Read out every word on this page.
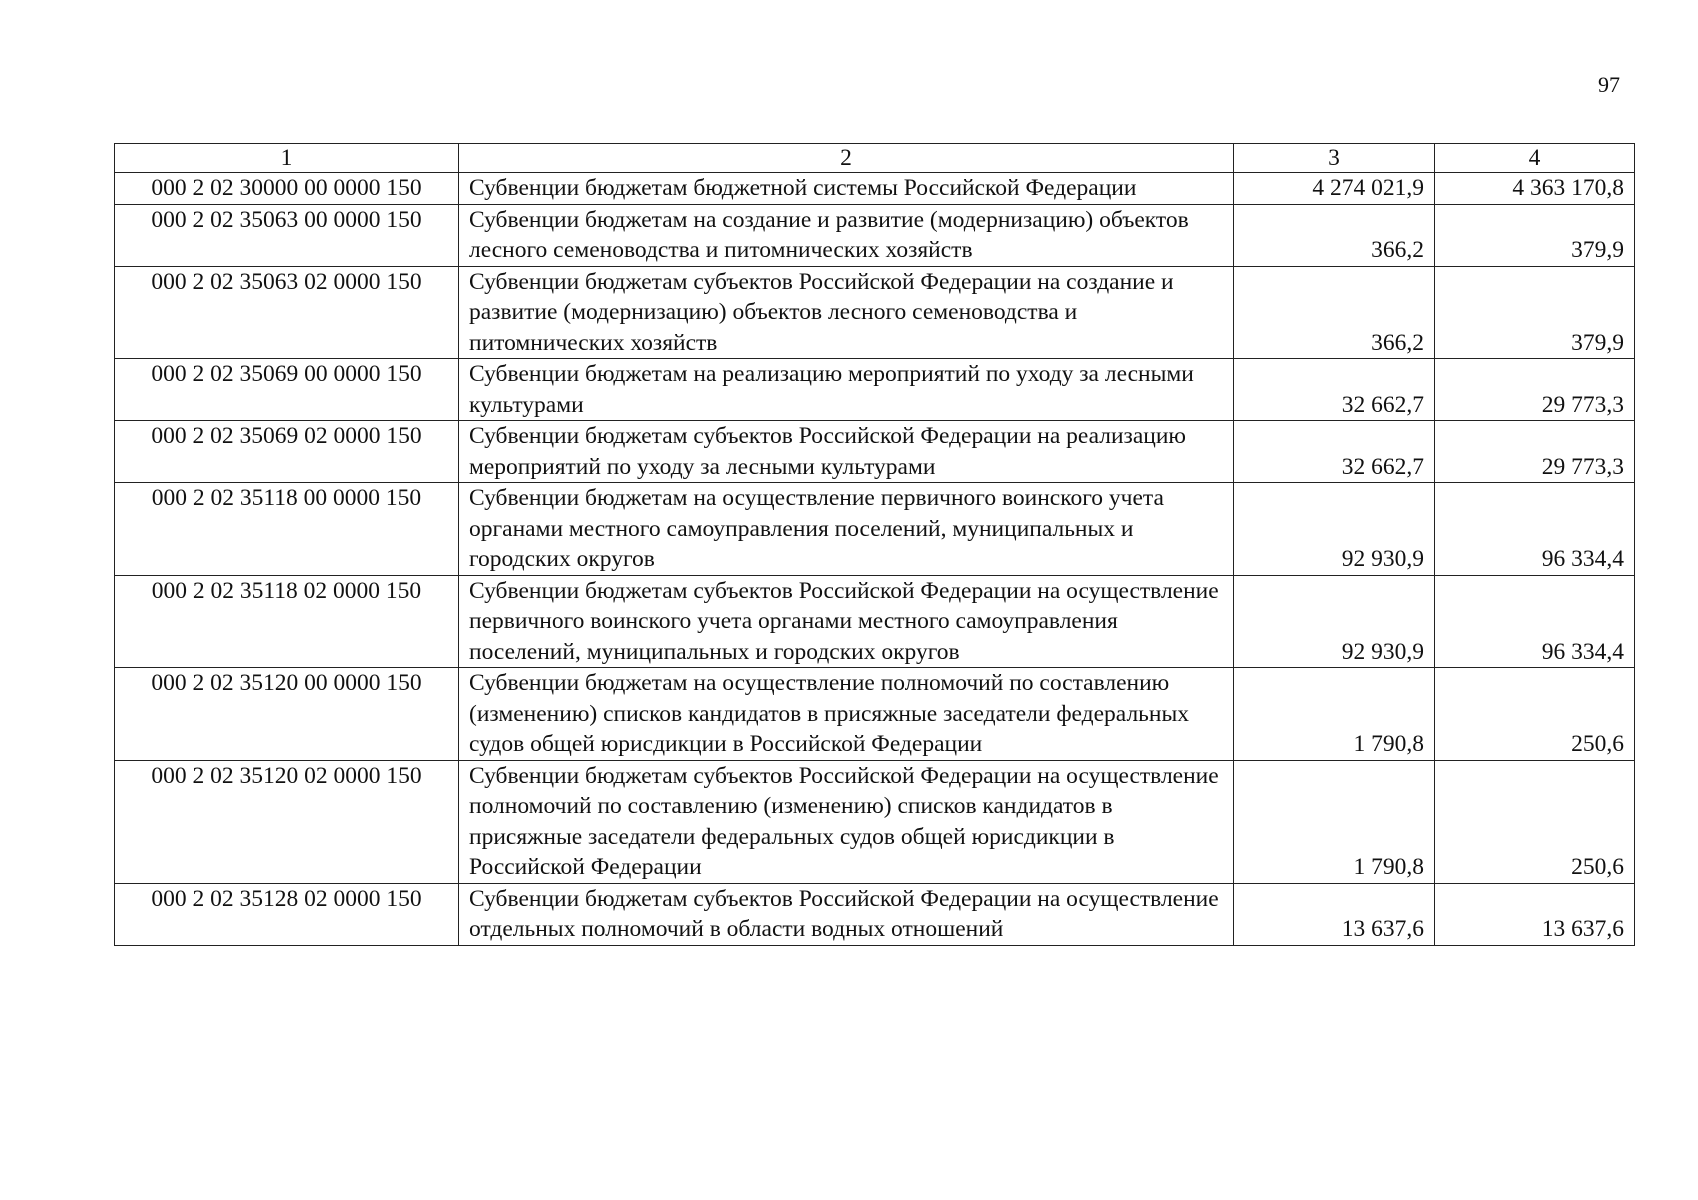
97
1	2	3	4
000 2 02 30000 00 0000 150	Субвенции бюджетам бюджетной системы Российской Федерации	4 274 021,9	4 363 170,8
000 2 02 35063 00 0000 150	Субвенции бюджетам на создание и развитие (модернизацию) объектов лесного семеноводства и питомнических хозяйств	366,2	379,9
000 2 02 35063 02 0000 150	Субвенции бюджетам субъектов Российской Федерации на создание и развитие (модернизацию) объектов лесного семеноводства и питомнических хозяйств	366,2	379,9
000 2 02 35069 00 0000 150	Субвенции бюджетам на реализацию мероприятий по уходу за лесными культурами	32 662,7	29 773,3
000 2 02 35069 02 0000 150	Субвенции бюджетам субъектов Российской Федерации на реализацию мероприятий по уходу за лесными культурами	32 662,7	29 773,3
000 2 02 35118 00 0000 150	Субвенции бюджетам на осуществление первичного воинского учета органами местного самоуправления поселений, муниципальных и городских округов	92 930,9	96 334,4
000 2 02 35118 02 0000 150	Субвенции бюджетам субъектов Российской Федерации на осуществление первичного воинского учета органами местного самоуправления поселений, муниципальных и городских округов	92 930,9	96 334,4
000 2 02 35120 00 0000 150	Субвенции бюджетам на осуществление полномочий по составлению (изменению) списков кандидатов в присяжные заседатели федеральных судов общей юрисдикции в Российской Федерации	1 790,8	250,6
000 2 02 35120 02 0000 150	Субвенции бюджетам субъектов Российской Федерации на осуществление полномочий по составлению (изменению) списков кандидатов в присяжные заседатели федеральных судов общей юрисдикции в Российской Федерации	1 790,8	250,6
000 2 02 35128 02 0000 150	Субвенции бюджетам субъектов Российской Федерации на осуществление отдельных полномочий в области водных отношений	13 637,6	13 637,6
